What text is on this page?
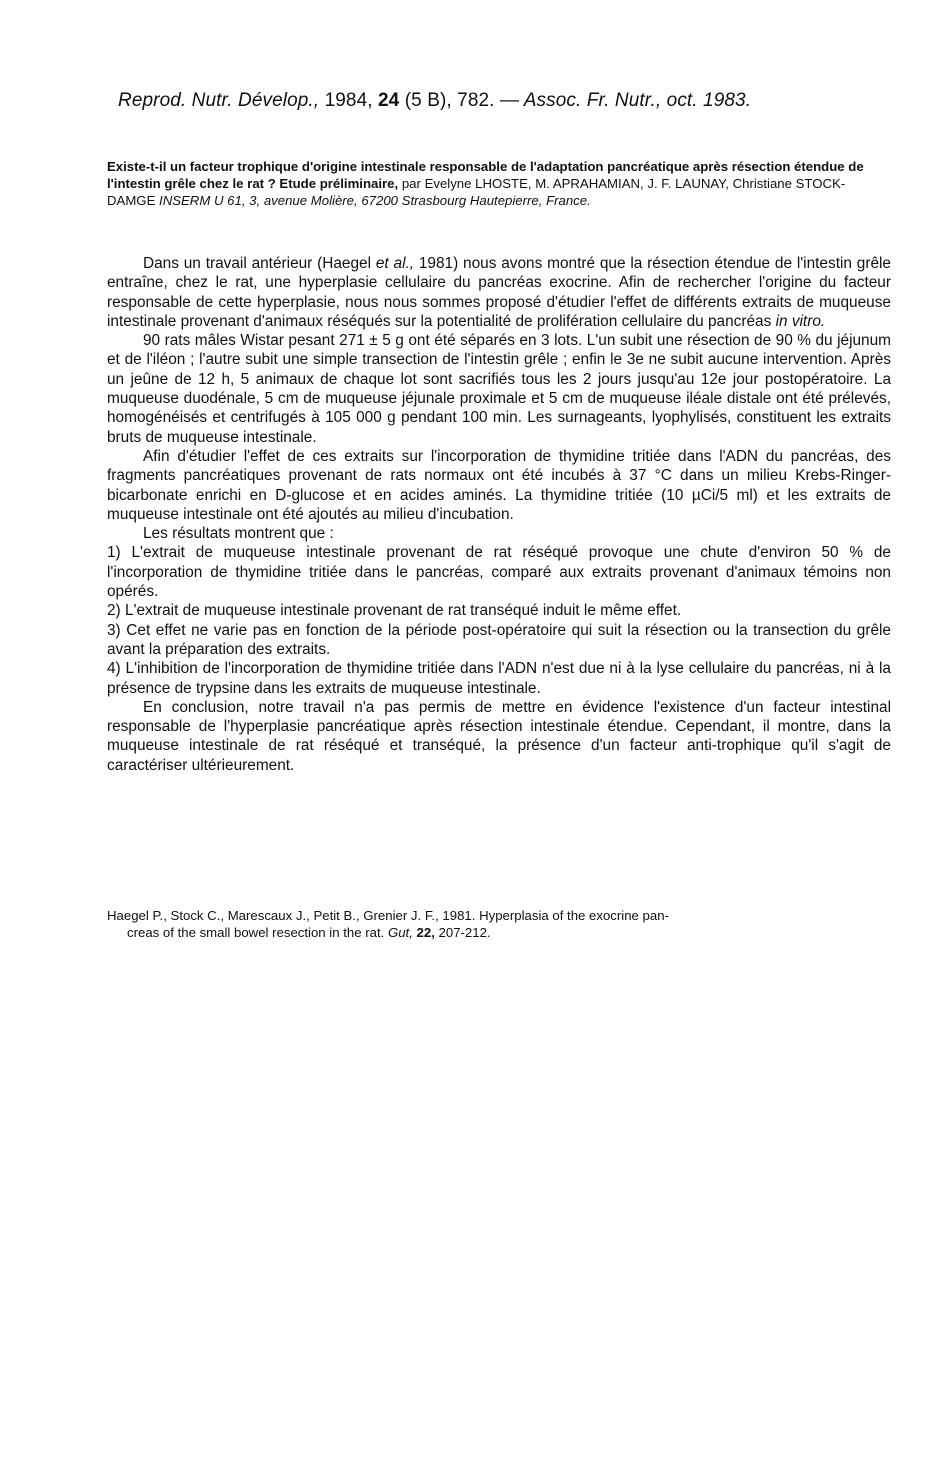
Reprod. Nutr. Dévelop., 1984, 24 (5 B), 782. — Assoc. Fr. Nutr., oct. 1983.
Existe-t-il un facteur trophique d'origine intestinale responsable de l'adaptation pancréatique après résection étendue de l'intestin grêle chez le rat ? Etude préliminaire, par Evelyne LHOSTE, M. APRAHAMIAN, J. F. LAUNAY, Christiane STOCK-DAMGE INSERM U 61, 3, avenue Molière, 67200 Strasbourg Hautepierre, France.

Dans un travail antérieur (Haegel et al., 1981) nous avons montré que la résection étendue de l'intestin grêle entraîne, chez le rat, une hyperplasie cellulaire du pancréas exocrine. Afin de rechercher l'origine du facteur responsable de cette hyperplasie, nous nous sommes proposé d'étudier l'effet de différents extraits de muqueuse intestinale provenant d'animaux réséqués sur la potentialité de prolifération cellulaire du pancréas in vitro.

90 rats mâles Wistar pesant 271 ± 5 g ont été séparés en 3 lots. L'un subit une résection de 90 % du jéjunum et de l'iléon ; l'autre subit une simple transection de l'intestin grêle ; enfin le 3e ne subit aucune intervention. Après un jeûne de 12 h, 5 animaux de chaque lot sont sacrifiés tous les 2 jours jusqu'au 12e jour postopératoire. La muqueuse duodénale, 5 cm de muqueuse jéjunale proximale et 5 cm de muqueuse iléale distale ont été prélevés, homogénéisés et centrifugés à 105 000 g pendant 100 min. Les surnageants, lyophylisés, constituent les extraits bruts de muqueuse intestinale.

Afin d'étudier l'effet de ces extraits sur l'incorporation de thymidine tritiée dans l'ADN du pancréas, des fragments pancréatiques provenant de rats normaux ont été incubés à 37 °C dans un milieu Krebs-Ringer-bicarbonate enrichi en D-glucose et en acides aminés. La thymidine tritiée (10 µCi/5 ml) et les extraits de muqueuse intestinale ont été ajoutés au milieu d'incubation.

Les résultats montrent que :

1) L'extrait de muqueuse intestinale provenant de rat réséqué provoque une chute d'environ 50 % de l'incorporation de thymidine tritiée dans le pancréas, comparé aux extraits provenant d'animaux témoins non opérés.

2) L'extrait de muqueuse intestinale provenant de rat transéqué induit le même effet.

3) Cet effet ne varie pas en fonction de la période post-opératoire qui suit la résection ou la transection du grêle avant la préparation des extraits.

4) L'inhibition de l'incorporation de thymidine tritiée dans l'ADN n'est due ni à la lyse cellulaire du pancréas, ni à la présence de trypsine dans les extraits de muqueuse intestinale.

En conclusion, notre travail n'a pas permis de mettre en évidence l'existence d'un facteur intestinal responsable de l'hyperplasie pancréatique après résection intestinale étendue. Cependant, il montre, dans la muqueuse intestinale de rat réséqué et transéqué, la présence d'un facteur anti-trophique qu'il s'agit de caractériser ultérieurement.

Haegel P., Stock C., Marescaux J., Petit B., Grenier J. F., 1981. Hyperplasia of the exocrine pan-
creas of the small bowel resection in the rat. Gut, 22, 207-212.
